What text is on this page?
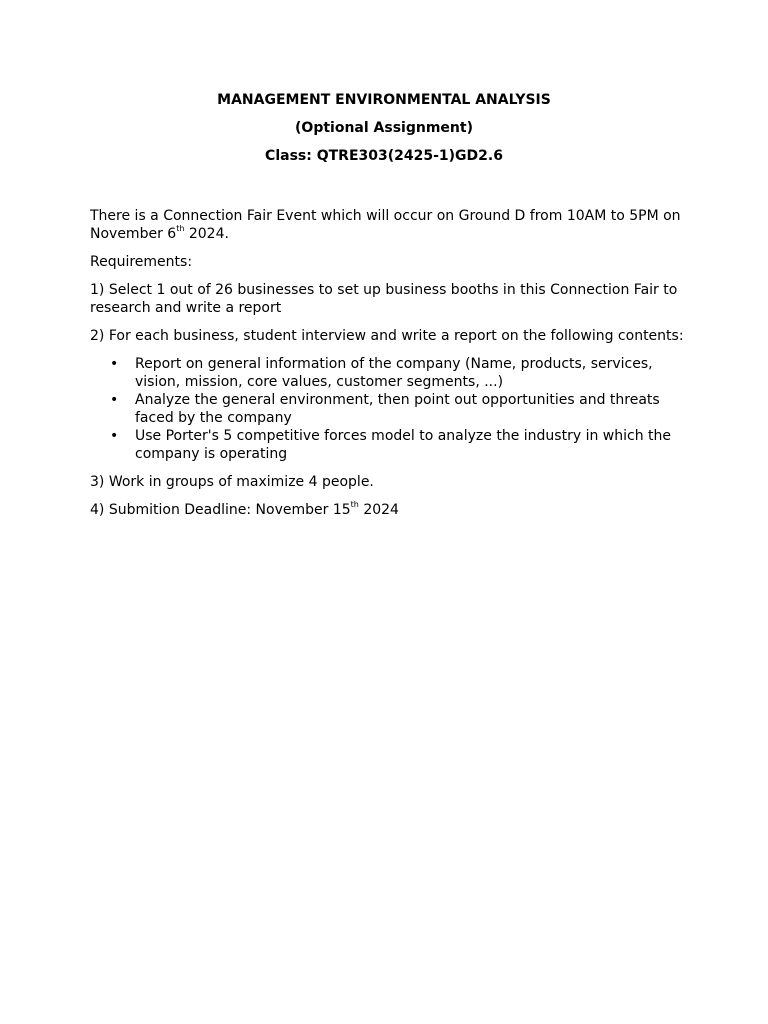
MANAGEMENT ENVIRONMENTAL ANALYSIS
(Optional Assignment)
Class: QTRE303(2425-1)GD2.6

There is a Connection Fair Event which will occur on Ground D from 10AM to 5PM on November 6th 2024.

Requirements:

1) Select 1 out of 26 businesses to set up business booths in this Connection Fair to research and write a report

2) For each business, student interview and write a report on the following contents:

• Report on general information of the company (Name, products, services, vision, mission, core values, customer segments, ...)
• Analyze the general environment, then point out opportunities and threats faced by the company
• Use Porter's 5 competitive forces model to analyze the industry in which the company is operating

3) Work in groups of maximize 4 people.

4) Submition Deadline: November 15th 2024
